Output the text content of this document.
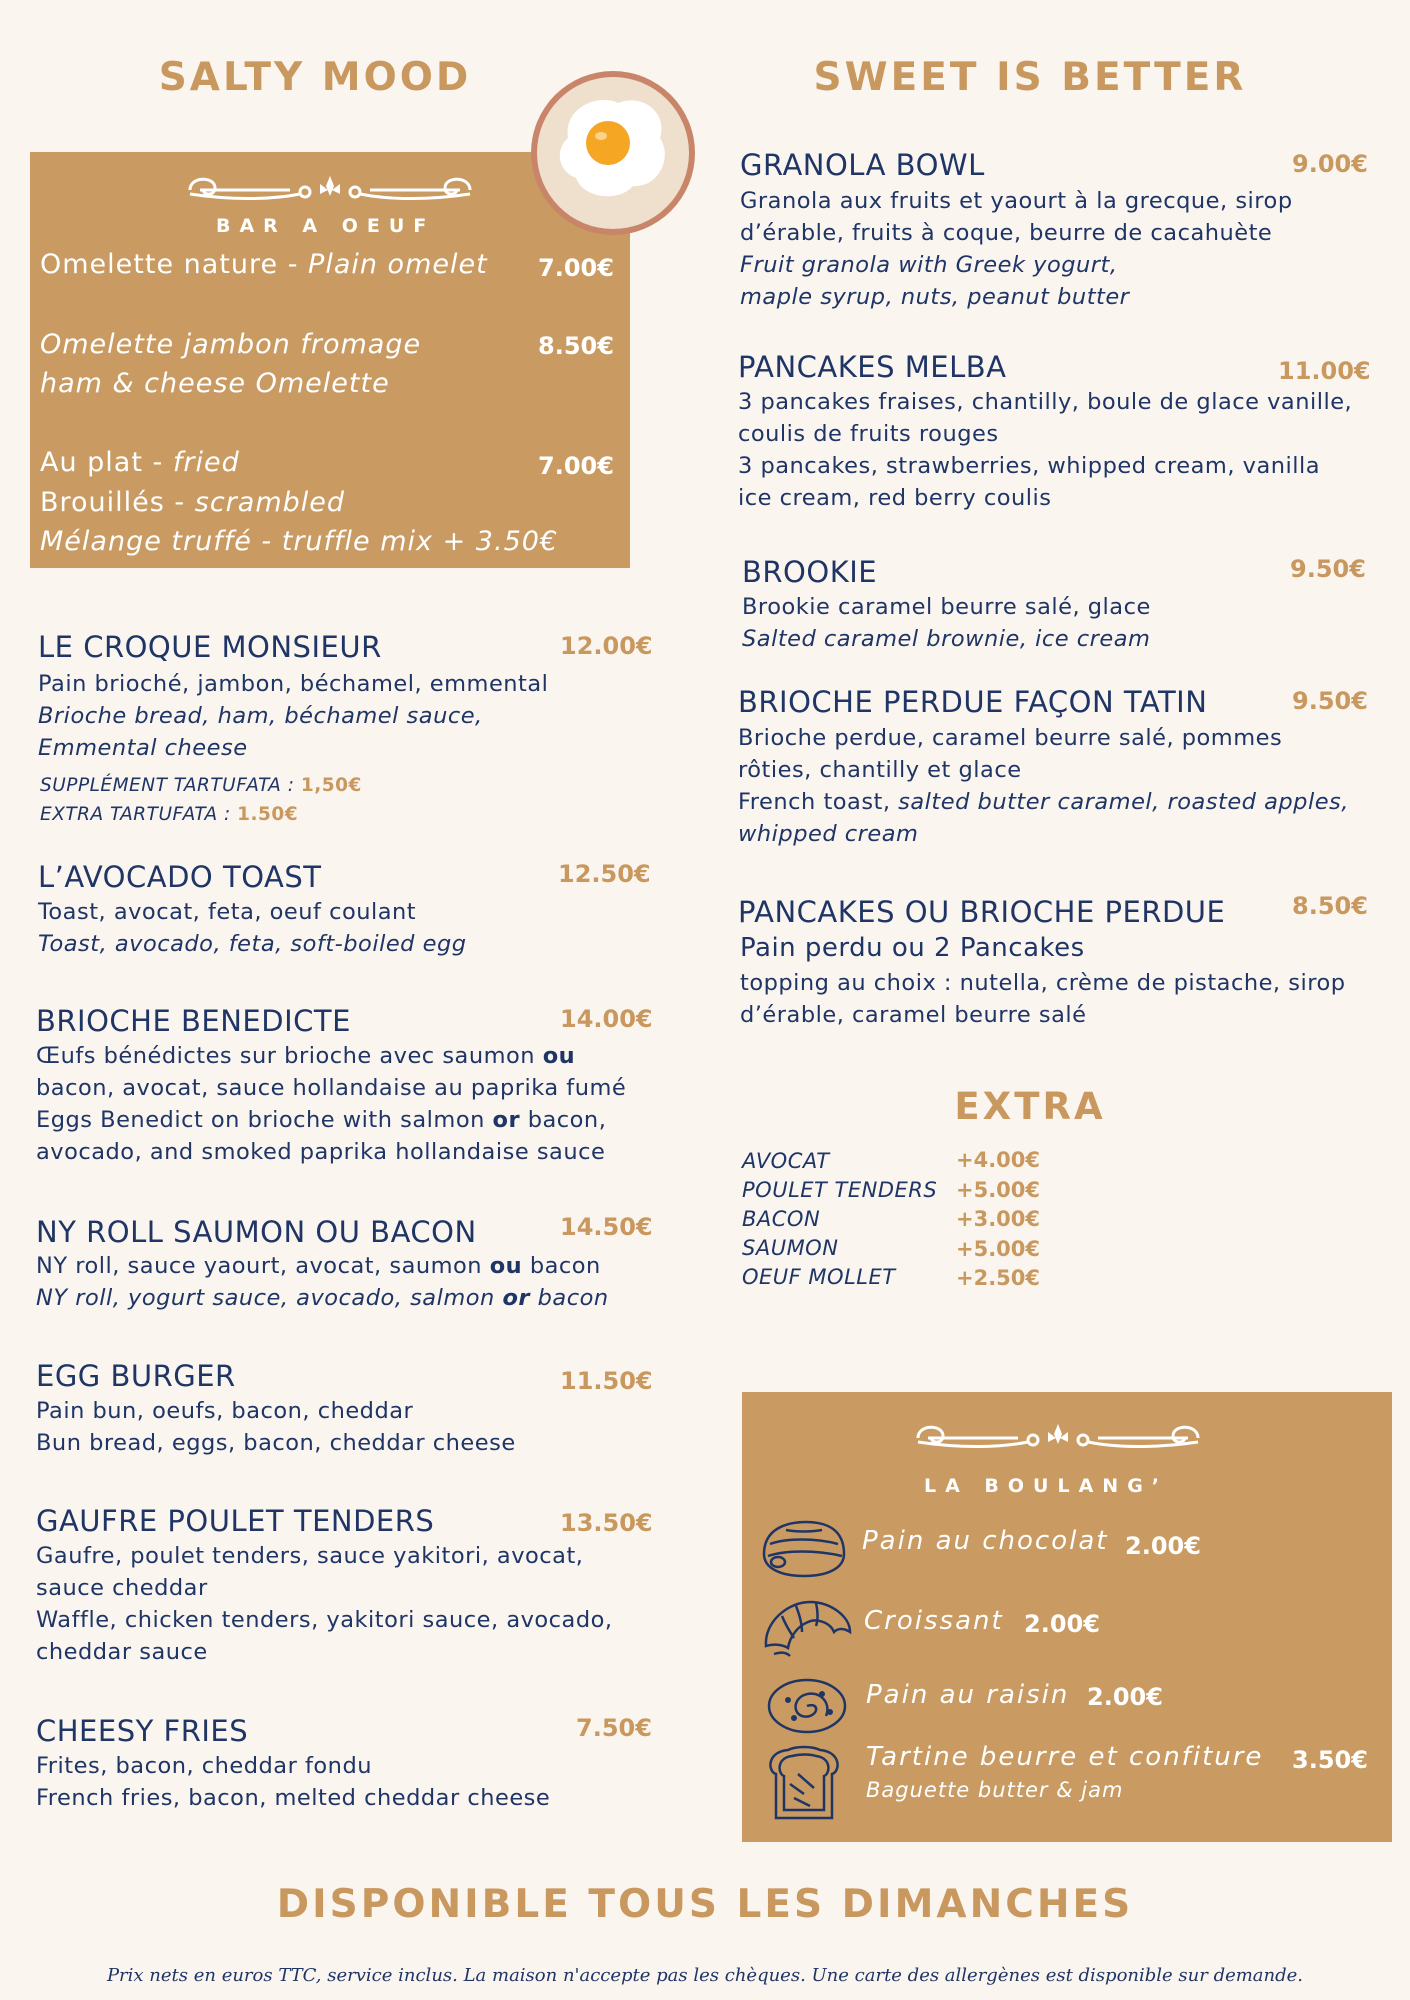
SALTY MOOD
BAR A OEUF
Omelette nature - Plain omelet 7.00€
Omelette jambon fromage
ham & cheese Omelette
8.50€
Au plat - fried
Brouillés - scrambled
Mélange truffé - truffle mix + 3.50€
7.00€
LE CROQUE MONSIEUR	12.00€
Pain brioché, jambon, béchamel, emmental
Brioche bread, ham, béchamel sauce,
Emmental cheese
SUPPLÉMENT TARTUFATA : 1,50€
EXTRA TARTUFATA : 1.50€
L’AVOCADO TOAST	12.50€
Toast, avocat, feta, oeuf coulant
Toast, avocado, feta, soft-boiled egg
BRIOCHE BENEDICTE	14.00€
Œufs bénédictes sur brioche avec saumon ou
bacon, avocat, sauce hollandaise au paprika fumé
Eggs Benedict on brioche with salmon or bacon,
avocado, and smoked paprika hollandaise sauce
NY ROLL SAUMON OU BACON	14.50€
NY roll, sauce yaourt, avocat, saumon ou bacon
NY roll, yogurt sauce, avocado, salmon or bacon
EGG BURGER	11.50€
Pain bun, oeufs, bacon, cheddar
Bun bread, eggs, bacon, cheddar cheese
GAUFRE POULET TENDERS	13.50€
Gaufre, poulet tenders, sauce yakitori, avocat,
sauce cheddar
Waffle, chicken tenders, yakitori sauce, avocado,
cheddar sauce
CHEESY FRIES	7.50€
Frites, bacon, cheddar fondu
French fries, bacon, melted cheddar cheese
SWEET IS BETTER
GRANOLA BOWL	9.00€
Granola aux fruits et yaourt à la grecque, sirop
d’érable, fruits à coque, beurre de cacahuète
Fruit granola with Greek yogurt,
maple syrup, nuts, peanut butter
PANCAKES MELBA	11.00€
3 pancakes fraises, chantilly, boule de glace vanille,
coulis de fruits rouges
3 pancakes, strawberries, whipped cream, vanilla
ice cream, red berry coulis
BROOKIE	9.50€
Brookie caramel beurre salé, glace
Salted caramel brownie, ice cream
BRIOCHE PERDUE FAÇON TATIN	9.50€
Brioche perdue, caramel beurre salé, pommes
rôties, chantilly et glace
French toast, salted butter caramel, roasted apples,
whipped cream
PANCAKES OU BRIOCHE PERDUE	8.50€
Pain perdu ou 2 Pancakes
topping au choix : nutella, crème de pistache, sirop
d’érable, caramel beurre salé
EXTRA
AVOCAT	+4.00€
POULET TENDERS +5.00€
BACON	+3.00€
SAUMON	+5.00€
OEUF MOLLET	+2.50€
LA BOULANG’
Pain au chocolat 2.00€
Croissant 2.00€
Pain au raisin 2.00€
Tartine beurre et confiture
Baguette butter & jam
3.50€
DISPONIBLE TOUS LES DIMANCHES
Prix nets en euros TTC, service inclus. La maison n'accepte pas les chèques. Une carte des allergènes est disponible sur demande.
